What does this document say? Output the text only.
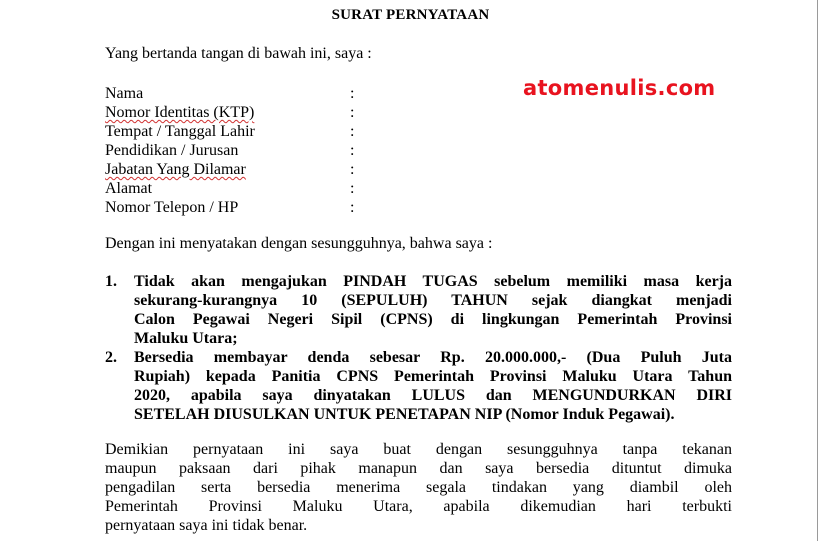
SURAT PERNYATAAN
atomenulis.com
Yang bertanda tangan di bawah ini, saya :
Nama	:
Nomor Identitas (KTP)	:
Tempat / Tanggal Lahir	:
Pendidikan / Jurusan	:
Jabatan Yang Dilamar	:
Alamat	:
Nomor Telepon / HP	:
Dengan ini menyatakan dengan sesungguhnya, bahwa saya :
1. Tidak akan mengajukan PINDAH TUGAS sebelum memiliki masa kerja
sekurang-kurangnya 10 (SEPULUH) TAHUN sejak diangkat menjadi
Calon Pegawai Negeri Sipil (CPNS) di lingkungan Pemerintah Provinsi
Maluku Utara;
2. Bersedia membayar denda sebesar Rp. 20.000.000,- (Dua Puluh Juta
Rupiah) kepada Panitia CPNS Pemerintah Provinsi Maluku Utara Tahun
2020, apabila saya dinyatakan LULUS dan MENGUNDURKAN DIRI
SETELAH DIUSULKAN UNTUK PENETAPAN NIP (Nomor Induk Pegawai).
Demikian pernyataan ini saya buat dengan sesungguhnya tanpa tekanan
maupun paksaan dari pihak manapun dan saya bersedia dituntut dimuka
pengadilan serta bersedia menerima segala tindakan yang diambil oleh
Pemerintah Provinsi Maluku Utara, apabila dikemudian hari terbukti
pernyataan saya ini tidak benar.
